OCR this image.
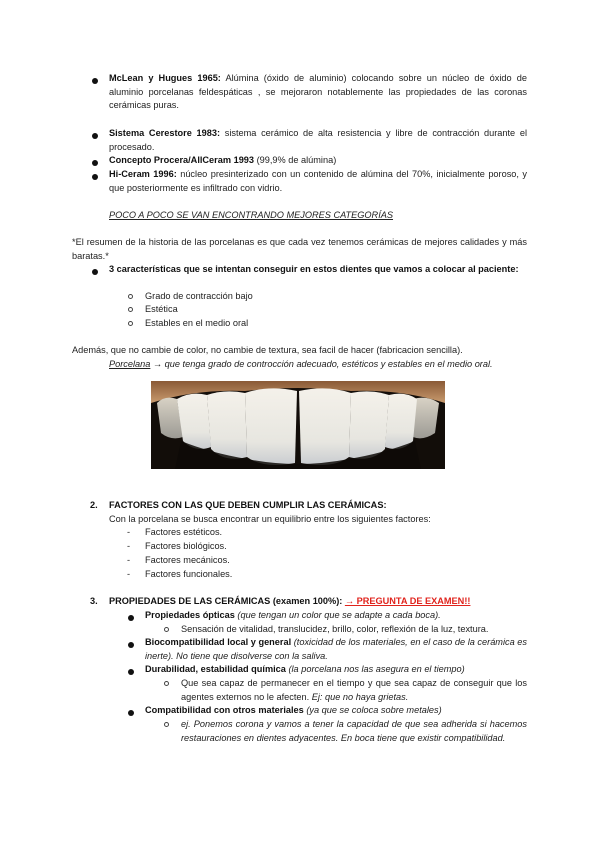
McLean y Hugues 1965: Alúmina (óxido de aluminio) colocando sobre un núcleo de óxido de aluminio porcelanas feldespáticas , se mejoraron notablemente las propiedades de las coronas cerámicas puras.
Sistema Cerestore 1983: sistema cerámico de alta resistencia y libre de contracción durante el procesado.
Concepto Procera/AllCeram 1993 (99,9% de alúmina)
Hi-Ceram 1996: núcleo presinterizado con un contenido de alúmina del 70%, inicialmente poroso, y que posteriormente es infiltrado con vidrio.
POCO A POCO SE VAN ENCONTRANDO MEJORES CATEGORÍAS
*El resumen de la historia de las porcelanas es que cada vez tenemos cerámicas de mejores calidades y más baratas.*
3 características que se intentan conseguir en estos dientes que vamos a colocar al paciente:
Grado de contracción bajo
Estética
Estables en el medio oral
Además, que no cambie de color, no cambie de textura, sea facil de hacer (fabricacion sencilla).
Porcelana → que tenga grado de controcción adecuado, estéticos y estables en el medio oral.
2. FACTORES CON LAS QUE DEBEN CUMPLIR LAS CERÁMICAS:
Con la porcelana se busca encontrar un equilibrio entre los siguientes factores:
- Factores estéticos.
- Factores biológicos.
- Factores mecánicos.
- Factores funcionales.
3. PROPIEDADES DE LAS CERÁMICAS (examen 100%): → PREGUNTA DE EXAMEN!!
Propiedades ópticas (que tengan un color que se adapte a cada boca).
Sensación de vitalidad, translucidez, brillo, color, reflexión de la luz, textura.
Biocompatibilidad local y general (toxicidad de los materiales, en el caso de la cerámica es inerte). No tiene que disolverse con la saliva.
Durabilidad, estabilidad química (la porcelana nos las asegura en el tiempo)
Que sea capaz de permanecer en el tiempo y que sea capaz de conseguir que los agentes externos no le afecten. Ej: que no haya grietas.
Compatibilidad con otros materiales (ya que se coloca sobre metales)
ej. Ponemos corona y vamos a tener la capacidad de que sea adherida si hacemos restauraciones en dientes adyacentes. En boca tiene que existir compatibilidad.
